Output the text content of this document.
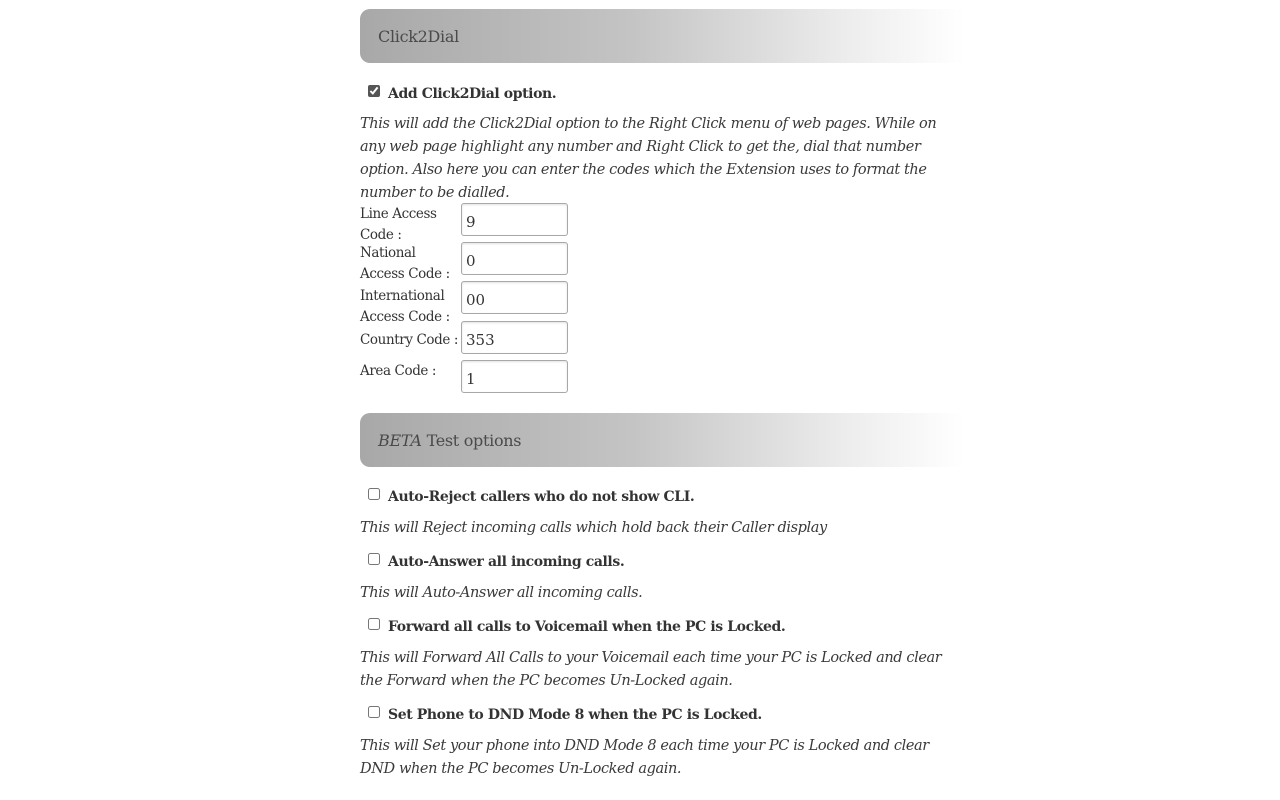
Click2Dial
Add Click2Dial option.
This will add the Click2Dial option to the Right Click menu of web pages. While on any web page highlight any number and Right Click to get the, dial that number option. Also here you can enter the codes which the Extension uses to format the number to be dialled.
Line Access Code :
9
National Access Code :
0
International Access Code :
00
Country Code :
353
Area Code :
1
BETA Test options
Auto-Reject callers who do not show CLI.
This will Reject incoming calls which hold back their Caller display
Auto-Answer all incoming calls.
This will Auto-Answer all incoming calls.
Forward all calls to Voicemail when the PC is Locked.
This will Forward All Calls to your Voicemail each time your PC is Locked and clear the Forward when the PC becomes Un-Locked again.
Set Phone to DND Mode 8 when the PC is Locked.
This will Set your phone into DND Mode 8 each time your PC is Locked and clear DND when the PC becomes Un-Locked again.
